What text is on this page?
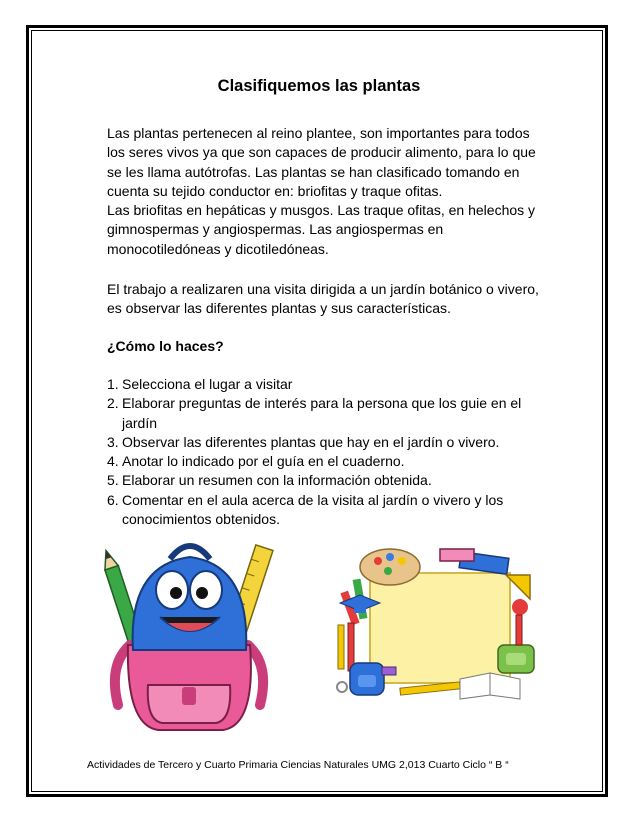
Clasifiquemos las plantas
Las plantas pertenecen al reino plantee, son importantes para todos los seres vivos ya que son capaces de producir alimento, para lo que se les llama autótrofas. Las plantas se han clasificado tomando en cuenta su tejido conductor en: briofitas y traque ofitas.
Las briofitas en hepáticas y musgos. Las traque ofitas, en helechos y gimnospermas y angiospermas. Las angiospermas en monocotiledóneas y dicotiledóneas.
El trabajo a realizaren una visita dirigida a un jardín botánico o vivero, es observar las diferentes plantas y sus características.
¿Cómo lo haces?
1. Selecciona el lugar a visitar
2. Elaborar preguntas de interés para la persona que los guie en el jardín
3. Observar las diferentes plantas que hay en el jardín o vivero.
4. Anotar lo indicado por el guía en el cuaderno.
5. Elaborar un resumen con la información obtenida.
6. Comentar en el aula acerca de la visita al jardín o vivero y los conocimientos obtenidos.
Actividades de Tercero y Cuarto Primaria Ciencias Naturales UMG 2,013 Cuarto Ciclo “ B “
